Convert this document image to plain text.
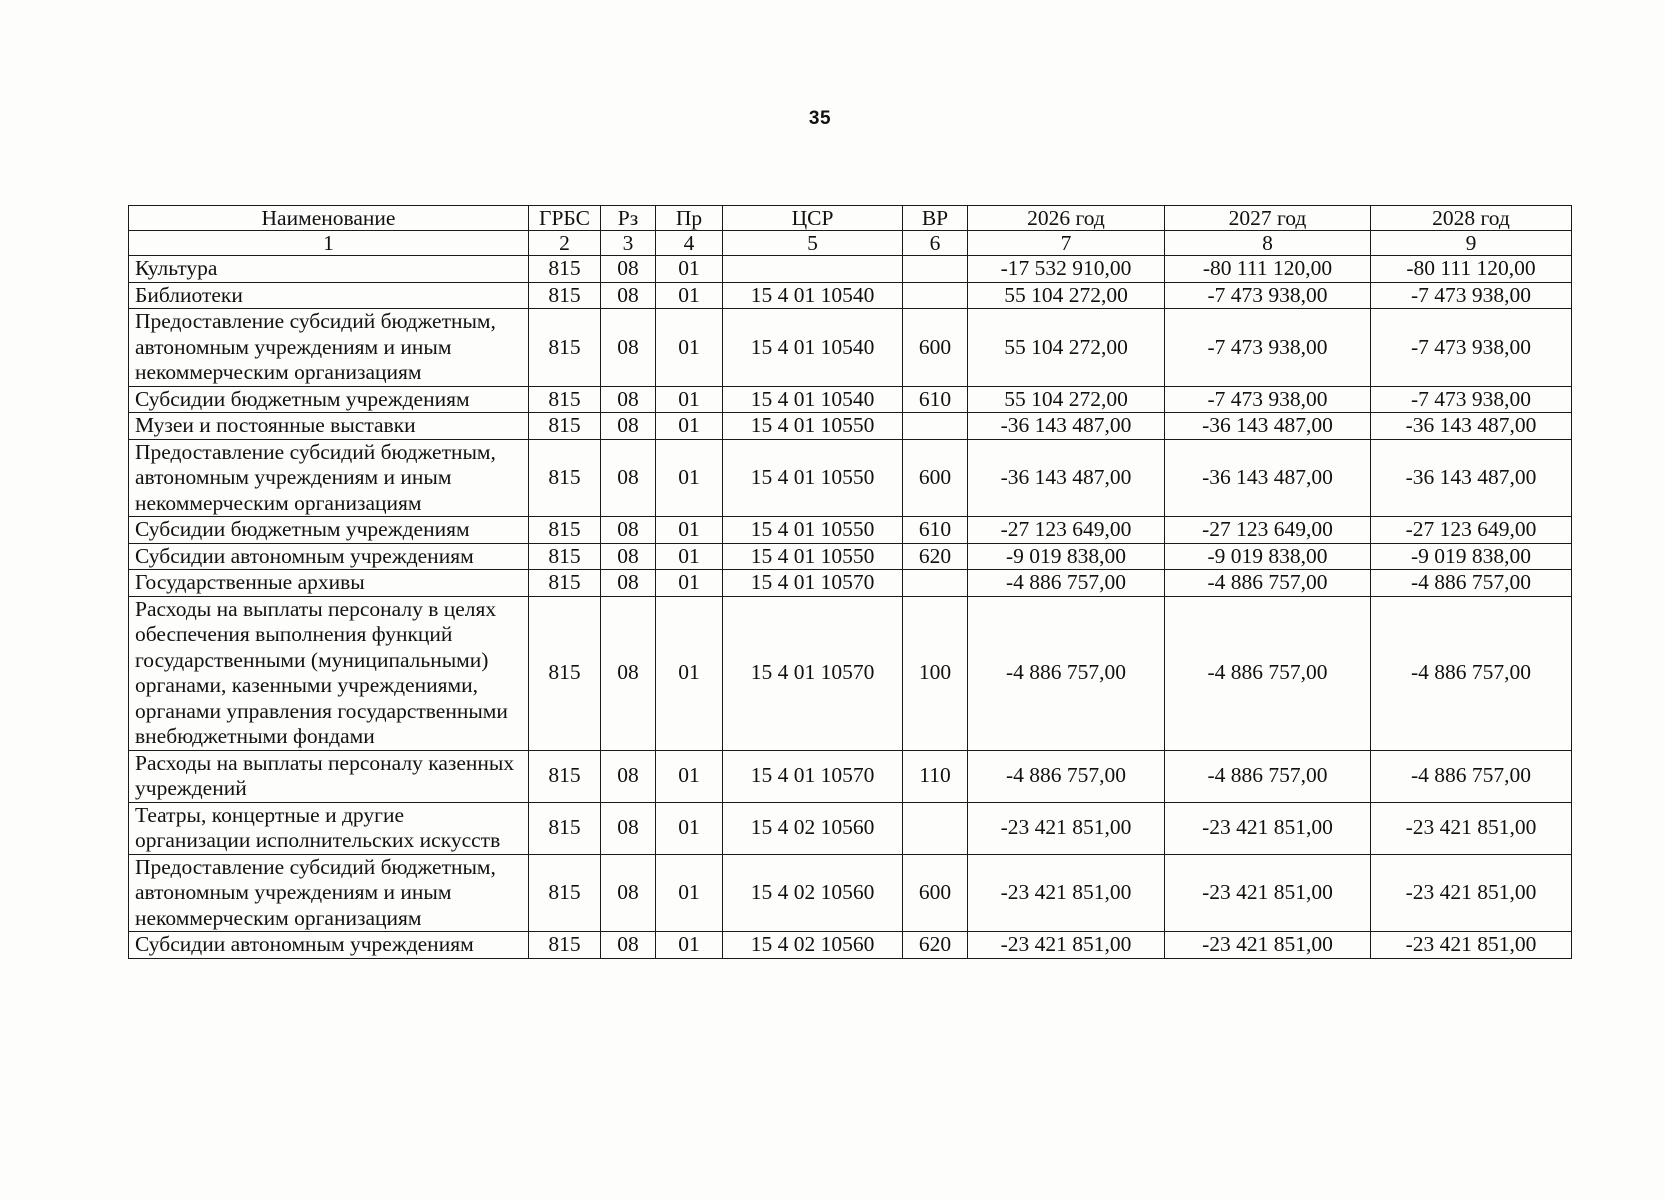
35
Наименование	ГРБС	Рз	Пр	ЦСР	ВР	2026 год	2027 год	2028 год
1	2	3	4	5	6	7	8	9
Культура	815	08	01			-17 532 910,00	-80 111 120,00	-80 111 120,00
Библиотеки	815	08	01	15 4 01 10540		55 104 272,00	-7 473 938,00	-7 473 938,00
Предоставление субсидий бюджетным, автономным учреждениям и иным некоммерческим организациям	815	08	01	15 4 01 10540	600	55 104 272,00	-7 473 938,00	-7 473 938,00
Субсидии бюджетным учреждениям	815	08	01	15 4 01 10540	610	55 104 272,00	-7 473 938,00	-7 473 938,00
Музеи и постоянные выставки	815	08	01	15 4 01 10550		-36 143 487,00	-36 143 487,00	-36 143 487,00
Предоставление субсидий бюджетным, автономным учреждениям и иным некоммерческим организациям	815	08	01	15 4 01 10550	600	-36 143 487,00	-36 143 487,00	-36 143 487,00
Субсидии бюджетным учреждениям	815	08	01	15 4 01 10550	610	-27 123 649,00	-27 123 649,00	-27 123 649,00
Субсидии автономным учреждениям	815	08	01	15 4 01 10550	620	-9 019 838,00	-9 019 838,00	-9 019 838,00
Государственные архивы	815	08	01	15 4 01 10570		-4 886 757,00	-4 886 757,00	-4 886 757,00
Расходы на выплаты персоналу в целях обеспечения выполнения функций государственными (муниципальными) органами, казенными учреждениями, органами управления государственными внебюджетными фондами	815	08	01	15 4 01 10570	100	-4 886 757,00	-4 886 757,00	-4 886 757,00
Расходы на выплаты персоналу казенных учреждений	815	08	01	15 4 01 10570	110	-4 886 757,00	-4 886 757,00	-4 886 757,00
Театры, концертные и другие организации исполнительских искусств	815	08	01	15 4 02 10560		-23 421 851,00	-23 421 851,00	-23 421 851,00
Предоставление субсидий бюджетным, автономным учреждениям и иным некоммерческим организациям	815	08	01	15 4 02 10560	600	-23 421 851,00	-23 421 851,00	-23 421 851,00
Субсидии автономным учреждениям	815	08	01	15 4 02 10560	620	-23 421 851,00	-23 421 851,00	-23 421 851,00
